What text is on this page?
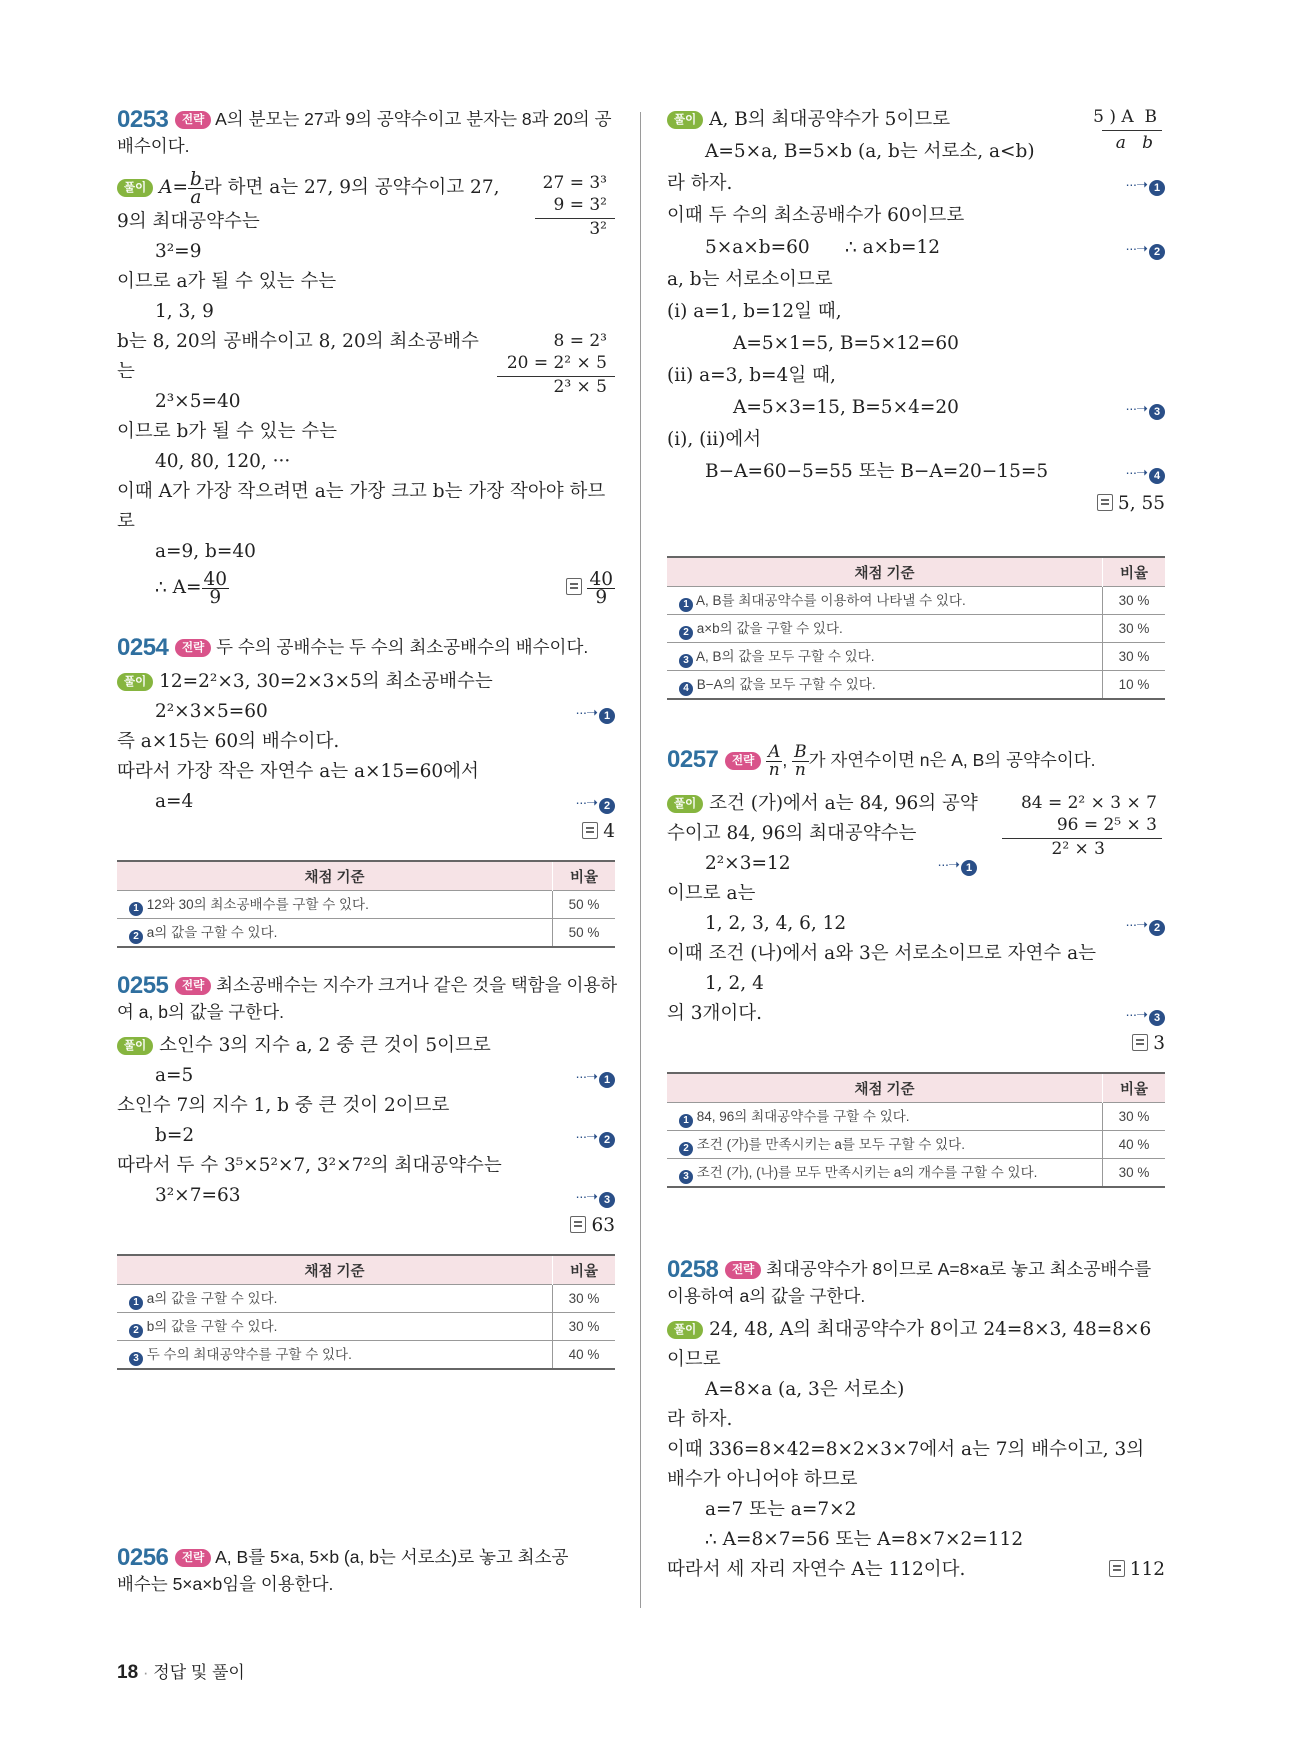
0253	전략 A의 분모는 27과 9의 공약수이고 분자는 8과 20의 공
배수이다.
풀이 $A= \frac{b}{a}$ 라 하면 a는 27, 9의 공약수이고 27,
9의 최대공약수는
3²=9
이므로 a가 될 수 있는 수는
1, 3, 9
b는 8, 20의 공배수이고 8, 20의 최소공배수
는
2³×5=40
이므로 b가 될 수 있는 수는
40, 80, 120, ···
이때 A가 가장 작으려면 a는 가장 크고 b는 가장 작아야 하므
로
a=9, b=40
∴ $A= \frac{40}{9}$	$\frac{40}{9}$
27 = 3³
9 = 3²
3²
8 = 2³
20 = 2² × 5
2³ × 5
0254	전략 두 수의 공배수는 두 수의 최소공배수의 배수이다.
풀이 12=2²×3, 30=2×3×5의 최소공배수는
2²×3×5=60	···➝ 1
즉 a×15는 60의 배수이다.
따라서 가장 작은 자연수 a는 a×15=60에서
a=4	···➝ 2
4
채점 기준	비율
1 12와 30의 최소공배수를 구할 수 있다.	50 %
2 a의 값을 구할 수 있다.	50 %
0255	전략 최소공배수는 지수가 크거나 같은 것을 택함을 이용하
여 a, b의 값을 구한다.
풀이 소인수 3의 지수 a, 2 중 큰 것이 5이므로
a=5	···➝ 1
소인수 7의 지수 1, b 중 큰 것이 2이므로
b=2	···➝ 2
따라서 두 수 3⁵×5²×7, 3²×7²의 최대공약수는
3²×7=63	···➝ 3
63
채점 기준	비율
1 a의 값을 구할 수 있다.	30 %
2 b의 값을 구할 수 있다.	30 %
3 두 수의 최대공약수를 구할 수 있다.	40 %
0256	전략 A, B를 5×a, 5×b (a, b는 서로소)로 놓고 최소공
배수는 5×a×b임을 이용한다.
풀이 A, B의 최대공약수가 5이므로	5 ) A  B
a   b
A=5×a, B=5×b (a, b는 서로소, a<b)
라 하자.	···➝ 1
이때 두 수의 최소공배수가 60이므로
5×a×b=60      ∴ a×b=12	···➝ 2
a, b는 서로소이므로
(ⅰ) a=1, b=12일 때,
A=5×1=5, B=5×12=60
(ⅱ) a=3, b=4일 때,
A=5×3=15, B=5×4=20	···➝ 3
(ⅰ), (ⅱ)에서
B−A=60−5=55 또는 B−A=20−15=5	···➝ 4
5, 55
채점 기준	비율
1 A, B를 최대공약수를 이용하여 나타낼 수 있다.	30 %
2 a×b의 값을 구할 수 있다.	30 %
3 A, B의 값을 모두 구할 수 있다.	30 %
4 B−A의 값을 모두 구할 수 있다.	10 %
0257	전략 $\frac{A}{n}$ , $\frac{B}{n}$ 가 자연수이면 n은 A, B의 공약수이다.
풀이 조건 (가)에서 a는 84, 96의 공약	84 = 2² × 3 × 7
96 = 2⁵ × 3
2² × 3
수이고 84, 96의 최대공약수는
2²×3=12	···➝ 1
이므로 a는
1, 2, 3, 4, 6, 12	···➝ 2
이때 조건 (나)에서 a와 3은 서로소이므로 자연수 a는
1, 2, 4
의 3개이다.	···➝ 3
3
채점 기준	비율
1 84, 96의 최대공약수를 구할 수 있다.	30 %
2 조건 (가)를 만족시키는 a를 모두 구할 수 있다.	40 %
3 조건 (가), (나)를 모두 만족시키는 a의 개수를 구할 수 있다.	30 %
0258	전략 최대공약수가 8이므로 A=8×a로 놓고 최소공배수를
이용하여 a의 값을 구한다.
풀이 24, 48, A의 최대공약수가 8이고 24=8×3, 48=8×6
이므로
A=8×a (a, 3은 서로소)
라 하자.
이때 336=8×42=8×2×3×7에서 a는 7의 배수이고, 3의
배수가 아니어야 하므로
a=7 또는 a=7×2
∴ A=8×7=56 또는 A=8×7×2=112
따라서 세 자리 자연수 A는 112이다.	112
18 · 정답 및 풀이
